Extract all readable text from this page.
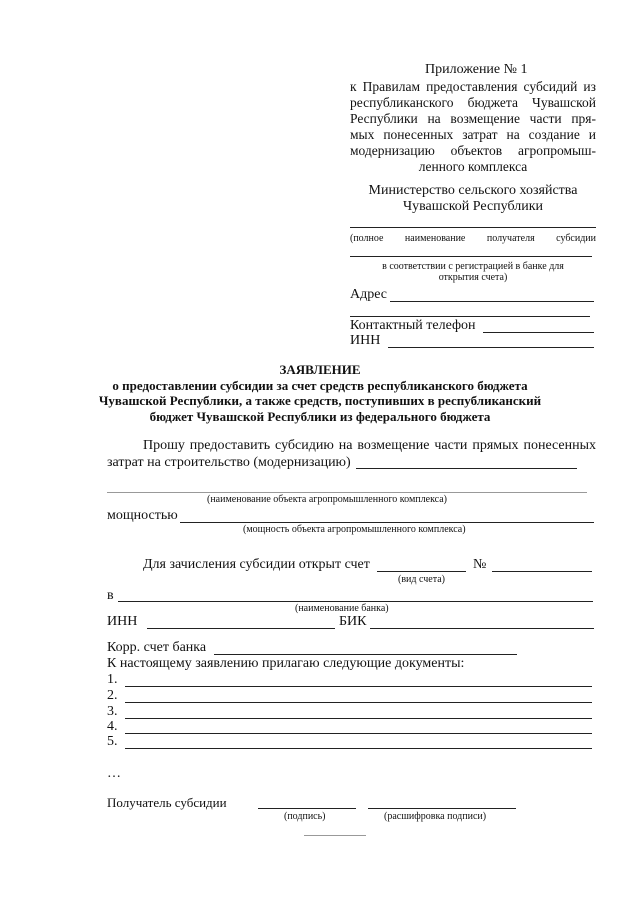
Приложение № 1
к Правилам предоставления субсидий из
республиканского бюджета Чувашской
Республики на возмещение части пря-
мых понесенных затрат на создание и
модернизацию объектов агропромыш-
ленного комплекса
Министерство сельского хозяйства
Чувашской Республики
(полное наименование получателя субсидии
в соответствии с регистрацией в банке для
открытия счета)
Адрес
Контактный телефон
ИНН
ЗАЯВЛЕНИЕ
о предоставлении субсидии за счет средств республиканского бюджета
Чувашской Республики, а также средств, поступивших в республиканский
бюджет Чувашской Республики из федерального бюджета
Прошу предоставить субсидию на возмещение части прямых понесенных
затрат на строительство (модернизацию)
(наименование объекта агропромышленного комплекса)
мощностью
(мощность объекта агропромышленного комплекса)
Для зачисления субсидии открыт счет	№
(вид счета)
в
(наименование банка)
ИНН	БИК
Корр. счет банка
К настоящему заявлению прилагаю следующие документы:
1.
2.
3.
4.
5.
…
Получатель субсидии
(подпись)	(расшифровка подписи)
